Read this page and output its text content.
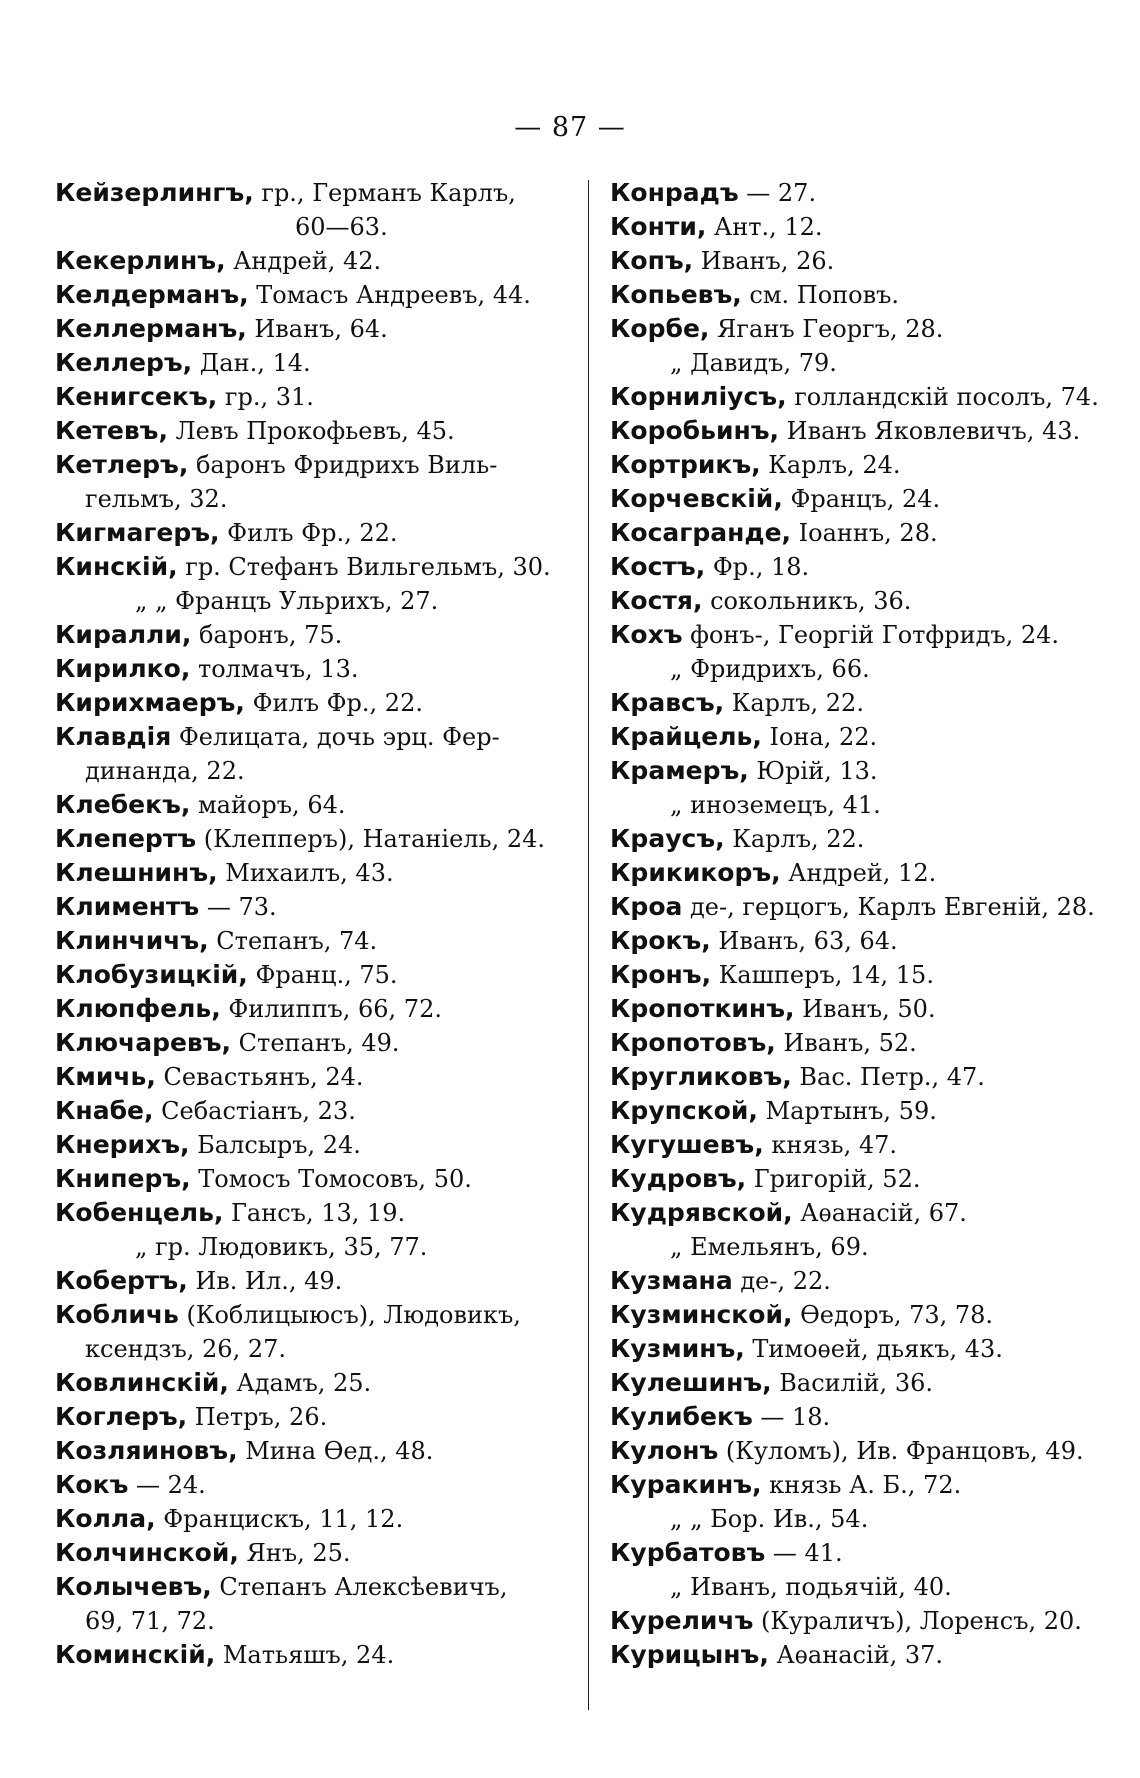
— 87 —
Кейзерлингъ, гр., Германъ Карлъ,
60—63.
Кекерлинъ, Андрей, 42.
Келдерманъ, Томасъ Андреевъ, 44.
Келлерманъ, Иванъ, 64.
Келлеръ, Дан., 14.
Кенигсекъ, гр., 31.
Кетевъ, Левъ Прокофьевъ, 45.
Кетлеръ, баронъ Фридрихъ Виль-
гельмъ, 32.
Кигмагеръ, Филъ Фр., 22.
Кинскій, гр. Стефанъ Вильгельмъ, 30.
„ „ Францъ Ульрихъ, 27.
Киралли, баронъ, 75.
Кирилко, толмачъ, 13.
Кирихмаеръ, Филъ Фр., 22.
Клавдія Фелицата, дочь эрц. Фер-
динанда, 22.
Клебекъ, майоръ, 64.
Клепертъ (Клепперъ), Натаніель, 24.
Клешнинъ, Михаилъ, 43.
Климентъ — 73.
Клинчичъ, Степанъ, 74.
Клобузицкій, Франц., 75.
Клюпфель, Филиппъ, 66, 72.
Ключаревъ, Степанъ, 49.
Кмичь, Севастьянъ, 24.
Кнабе, Себастіанъ, 23.
Кнерихъ, Балсыръ, 24.
Книперъ, Томосъ Томосовъ, 50.
Кобенцель, Гансъ, 13, 19.
„ гр. Людовикъ, 35, 77.
Кобертъ, Ив. Ил., 49.
Кобличь (Коблицыюсъ), Людовикъ,
ксендзъ, 26, 27.
Ковлинскій, Адамъ, 25.
Коглеръ, Петръ, 26.
Козляиновъ, Мина Ѳед., 48.
Кокъ — 24.
Колла, Францискъ, 11, 12.
Колчинской, Янъ, 25.
Колычевъ, Степанъ Алексѣевичъ,
69, 71, 72.
Коминскій, Матьяшъ, 24.
Конрадъ — 27.
Конти, Ант., 12.
Копъ, Иванъ, 26.
Копьевъ, см. Поповъ.
Корбе, Яганъ Георгъ, 28.
„ Давидъ, 79.
Корниліусъ, голландскій посолъ, 74.
Коробьинъ, Иванъ Яковлевичъ, 43.
Кортрикъ, Карлъ, 24.
Корчевскій, Францъ, 24.
Косагранде, Іоаннъ, 28.
Костъ, Фр., 18.
Костя, сокольникъ, 36.
Кохъ фонъ-, Георгій Готфридъ, 24.
„ Фридрихъ, 66.
Кравсъ, Карлъ, 22.
Крайцель, Іона, 22.
Крамеръ, Юрій, 13.
„ иноземецъ, 41.
Краусъ, Карлъ, 22.
Крикикоръ, Андрей, 12.
Кроа де-, герцогъ, Карлъ Евгеній, 28.
Крокъ, Иванъ, 63, 64.
Кронъ, Кашперъ, 14, 15.
Кропоткинъ, Иванъ, 50.
Кропотовъ, Иванъ, 52.
Кругликовъ, Вас. Петр., 47.
Крупской, Мартынъ, 59.
Кугушевъ, князь, 47.
Кудровъ, Григорій, 52.
Кудрявской, Аѳанасій, 67.
„ Емельянъ, 69.
Кузмана де-, 22.
Кузминской, Ѳедоръ, 73, 78.
Кузминъ, Тимоѳей, дьякъ, 43.
Кулешинъ, Василій, 36.
Кулибекъ — 18.
Кулонъ (Куломъ), Ив. Францовъ, 49.
Куракинъ, князь А. Б., 72.
„ „ Бор. Ив., 54.
Курбатовъ — 41.
„ Иванъ, подьячій, 40.
Куреличъ (Кураличъ), Лоренсъ, 20.
Курицынъ, Аѳанасій, 37.
